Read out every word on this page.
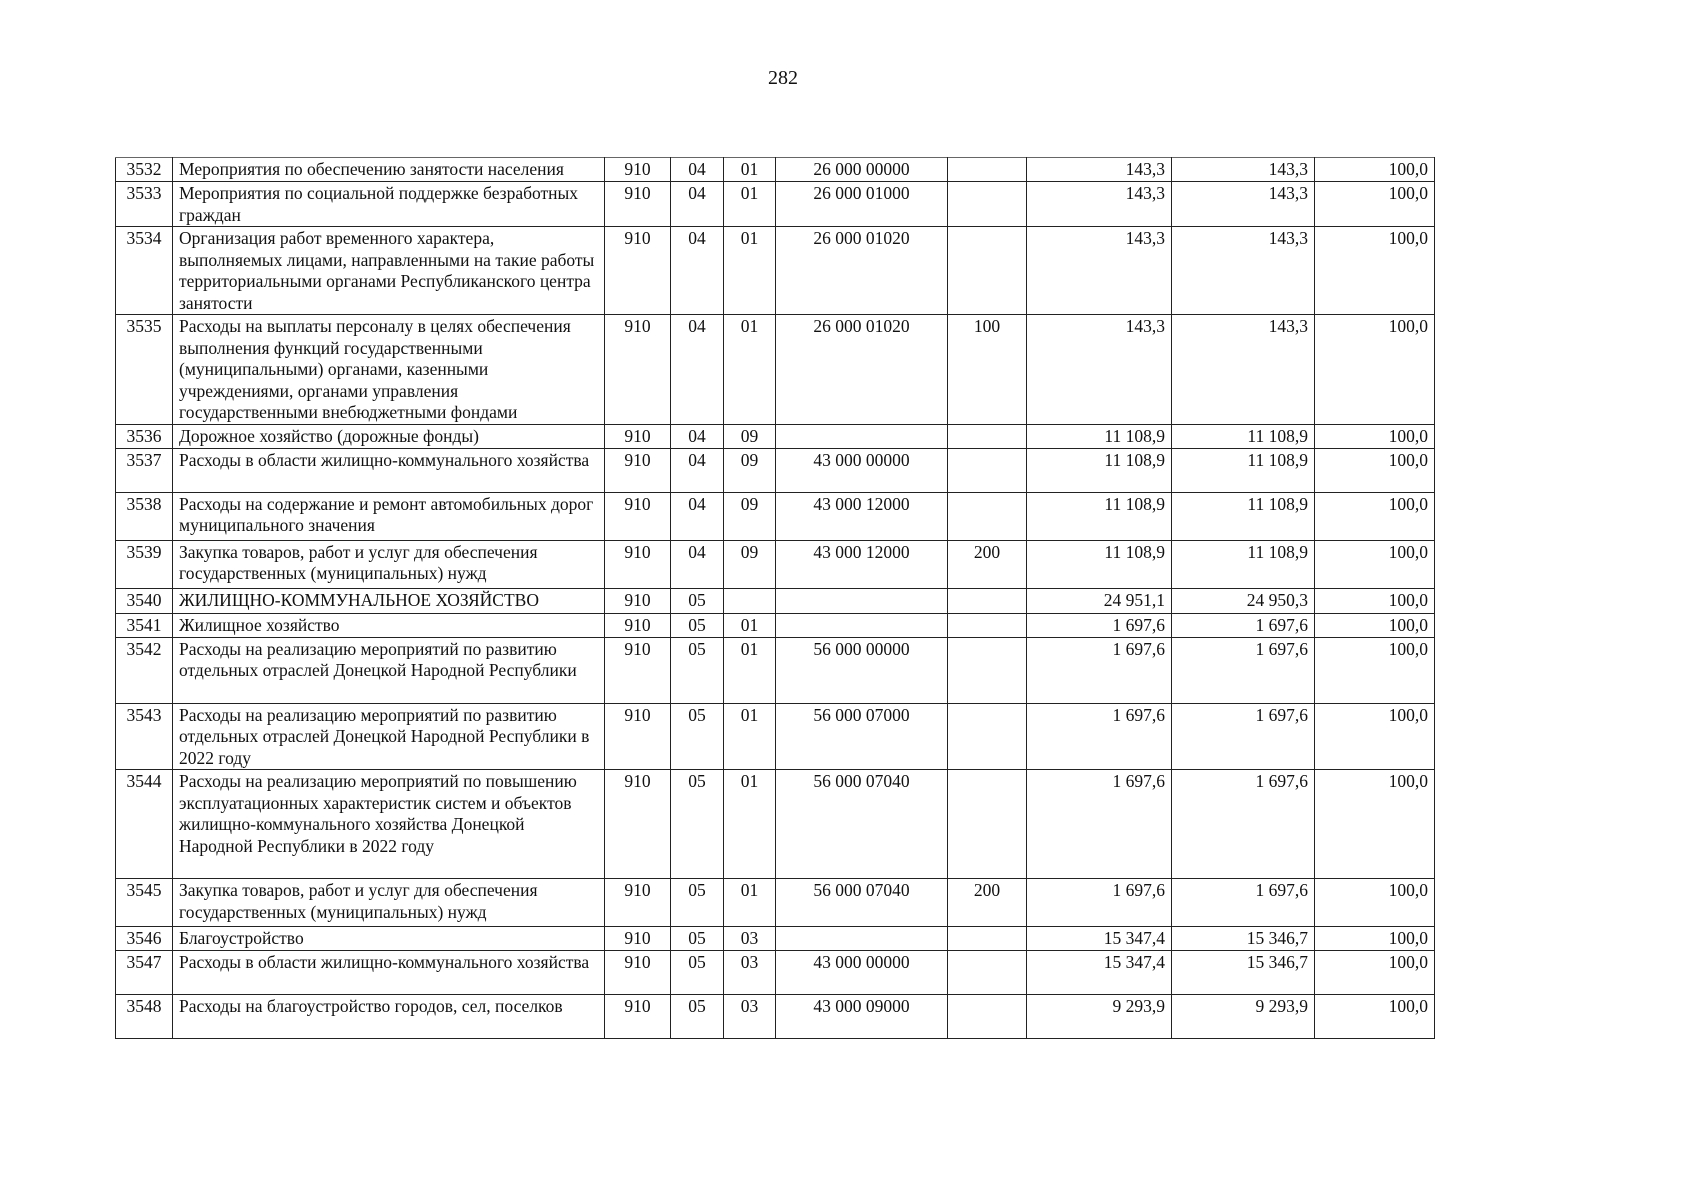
282
3532	Мероприятия по обеспечению занятости населения	910	04	01	26 000 00000		143,3	143,3	100,0
3533	Мероприятия по социальной поддержке безработных граждан	910	04	01	26 000 01000		143,3	143,3	100,0
3534	Организация работ временного характера, выполняемых лицами, направленными на такие работы территориальными органами Республиканского центра занятости	910	04	01	26 000 01020		143,3	143,3	100,0
3535	Расходы на выплаты персоналу в целях обеспечения выполнения функций государственными (муниципальными) органами, казенными учреждениями, органами управления государственными внебюджетными фондами	910	04	01	26 000 01020	100	143,3	143,3	100,0
3536	Дорожное хозяйство (дорожные фонды)	910	04	09			11 108,9	11 108,9	100,0
3537	Расходы в области жилищно-коммунального хозяйства	910	04	09	43 000 00000		11 108,9	11 108,9	100,0
3538	Расходы на содержание и ремонт автомобильных дорог муниципального значения	910	04	09	43 000 12000		11 108,9	11 108,9	100,0
3539	Закупка товаров, работ и услуг для обеспечения государственных (муниципальных) нужд	910	04	09	43 000 12000	200	11 108,9	11 108,9	100,0
3540	ЖИЛИЩНО-КОММУНАЛЬНОЕ ХОЗЯЙСТВО	910	05				24 951,1	24 950,3	100,0
3541	Жилищное хозяйство	910	05	01			1 697,6	1 697,6	100,0
3542	Расходы на реализацию мероприятий по развитию отдельных отраслей Донецкой Народной Республики	910	05	01	56 000 00000		1 697,6	1 697,6	100,0
3543	Расходы на реализацию мероприятий по развитию отдельных отраслей Донецкой Народной Республики в 2022 году	910	05	01	56 000 07000		1 697,6	1 697,6	100,0
3544	Расходы на реализацию мероприятий по повышению эксплуатационных характеристик систем и объектов жилищно-коммунального хозяйства Донецкой Народной Республики в 2022 году	910	05	01	56 000 07040		1 697,6	1 697,6	100,0
3545	Закупка товаров, работ и услуг для обеспечения государственных (муниципальных) нужд	910	05	01	56 000 07040	200	1 697,6	1 697,6	100,0
3546	Благоустройство	910	05	03			15 347,4	15 346,7	100,0
3547	Расходы в области жилищно-коммунального хозяйства	910	05	03	43 000 00000		15 347,4	15 346,7	100,0
3548	Расходы на благоустройство городов, сел, поселков	910	05	03	43 000 09000		9 293,9	9 293,9	100,0
